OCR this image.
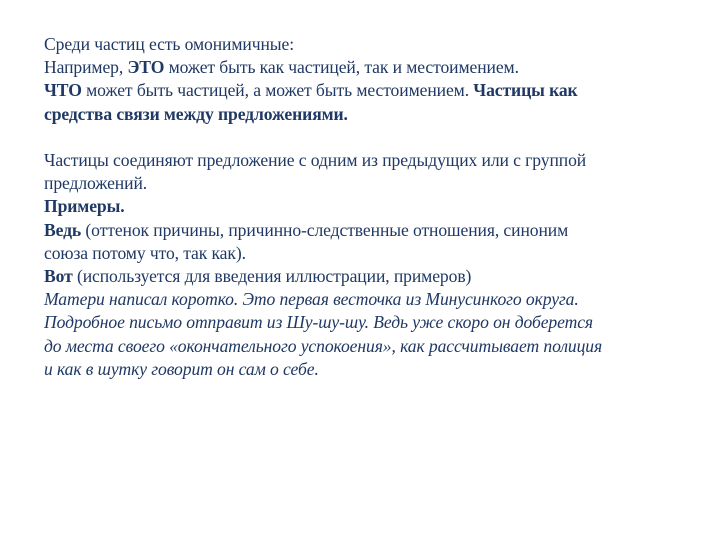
Среди частиц есть омонимичные:
Например, ЭТО может быть как частицей, так и местоимением.
ЧТО может быть частицей, а может быть местоимением. Частицы как
средства связи между предложениями.
Частицы соединяют предложение с одним из предыдущих или с группой
предложений.
Примеры.
Ведь (оттенок причины, причинно-следственные отношения, синоним
союза потому что, так как).
Вот (используется для введения иллюстрации, примеров)
Матери написал коротко. Это первая весточка из Минусинкого округа.
Подробное письмо отправит из Шу-шу-шу. Ведь уже скоро он доберется
до места своего «окончательного успокоения», как рассчитывает полиция
и как в шутку говорит он сам о себе.
